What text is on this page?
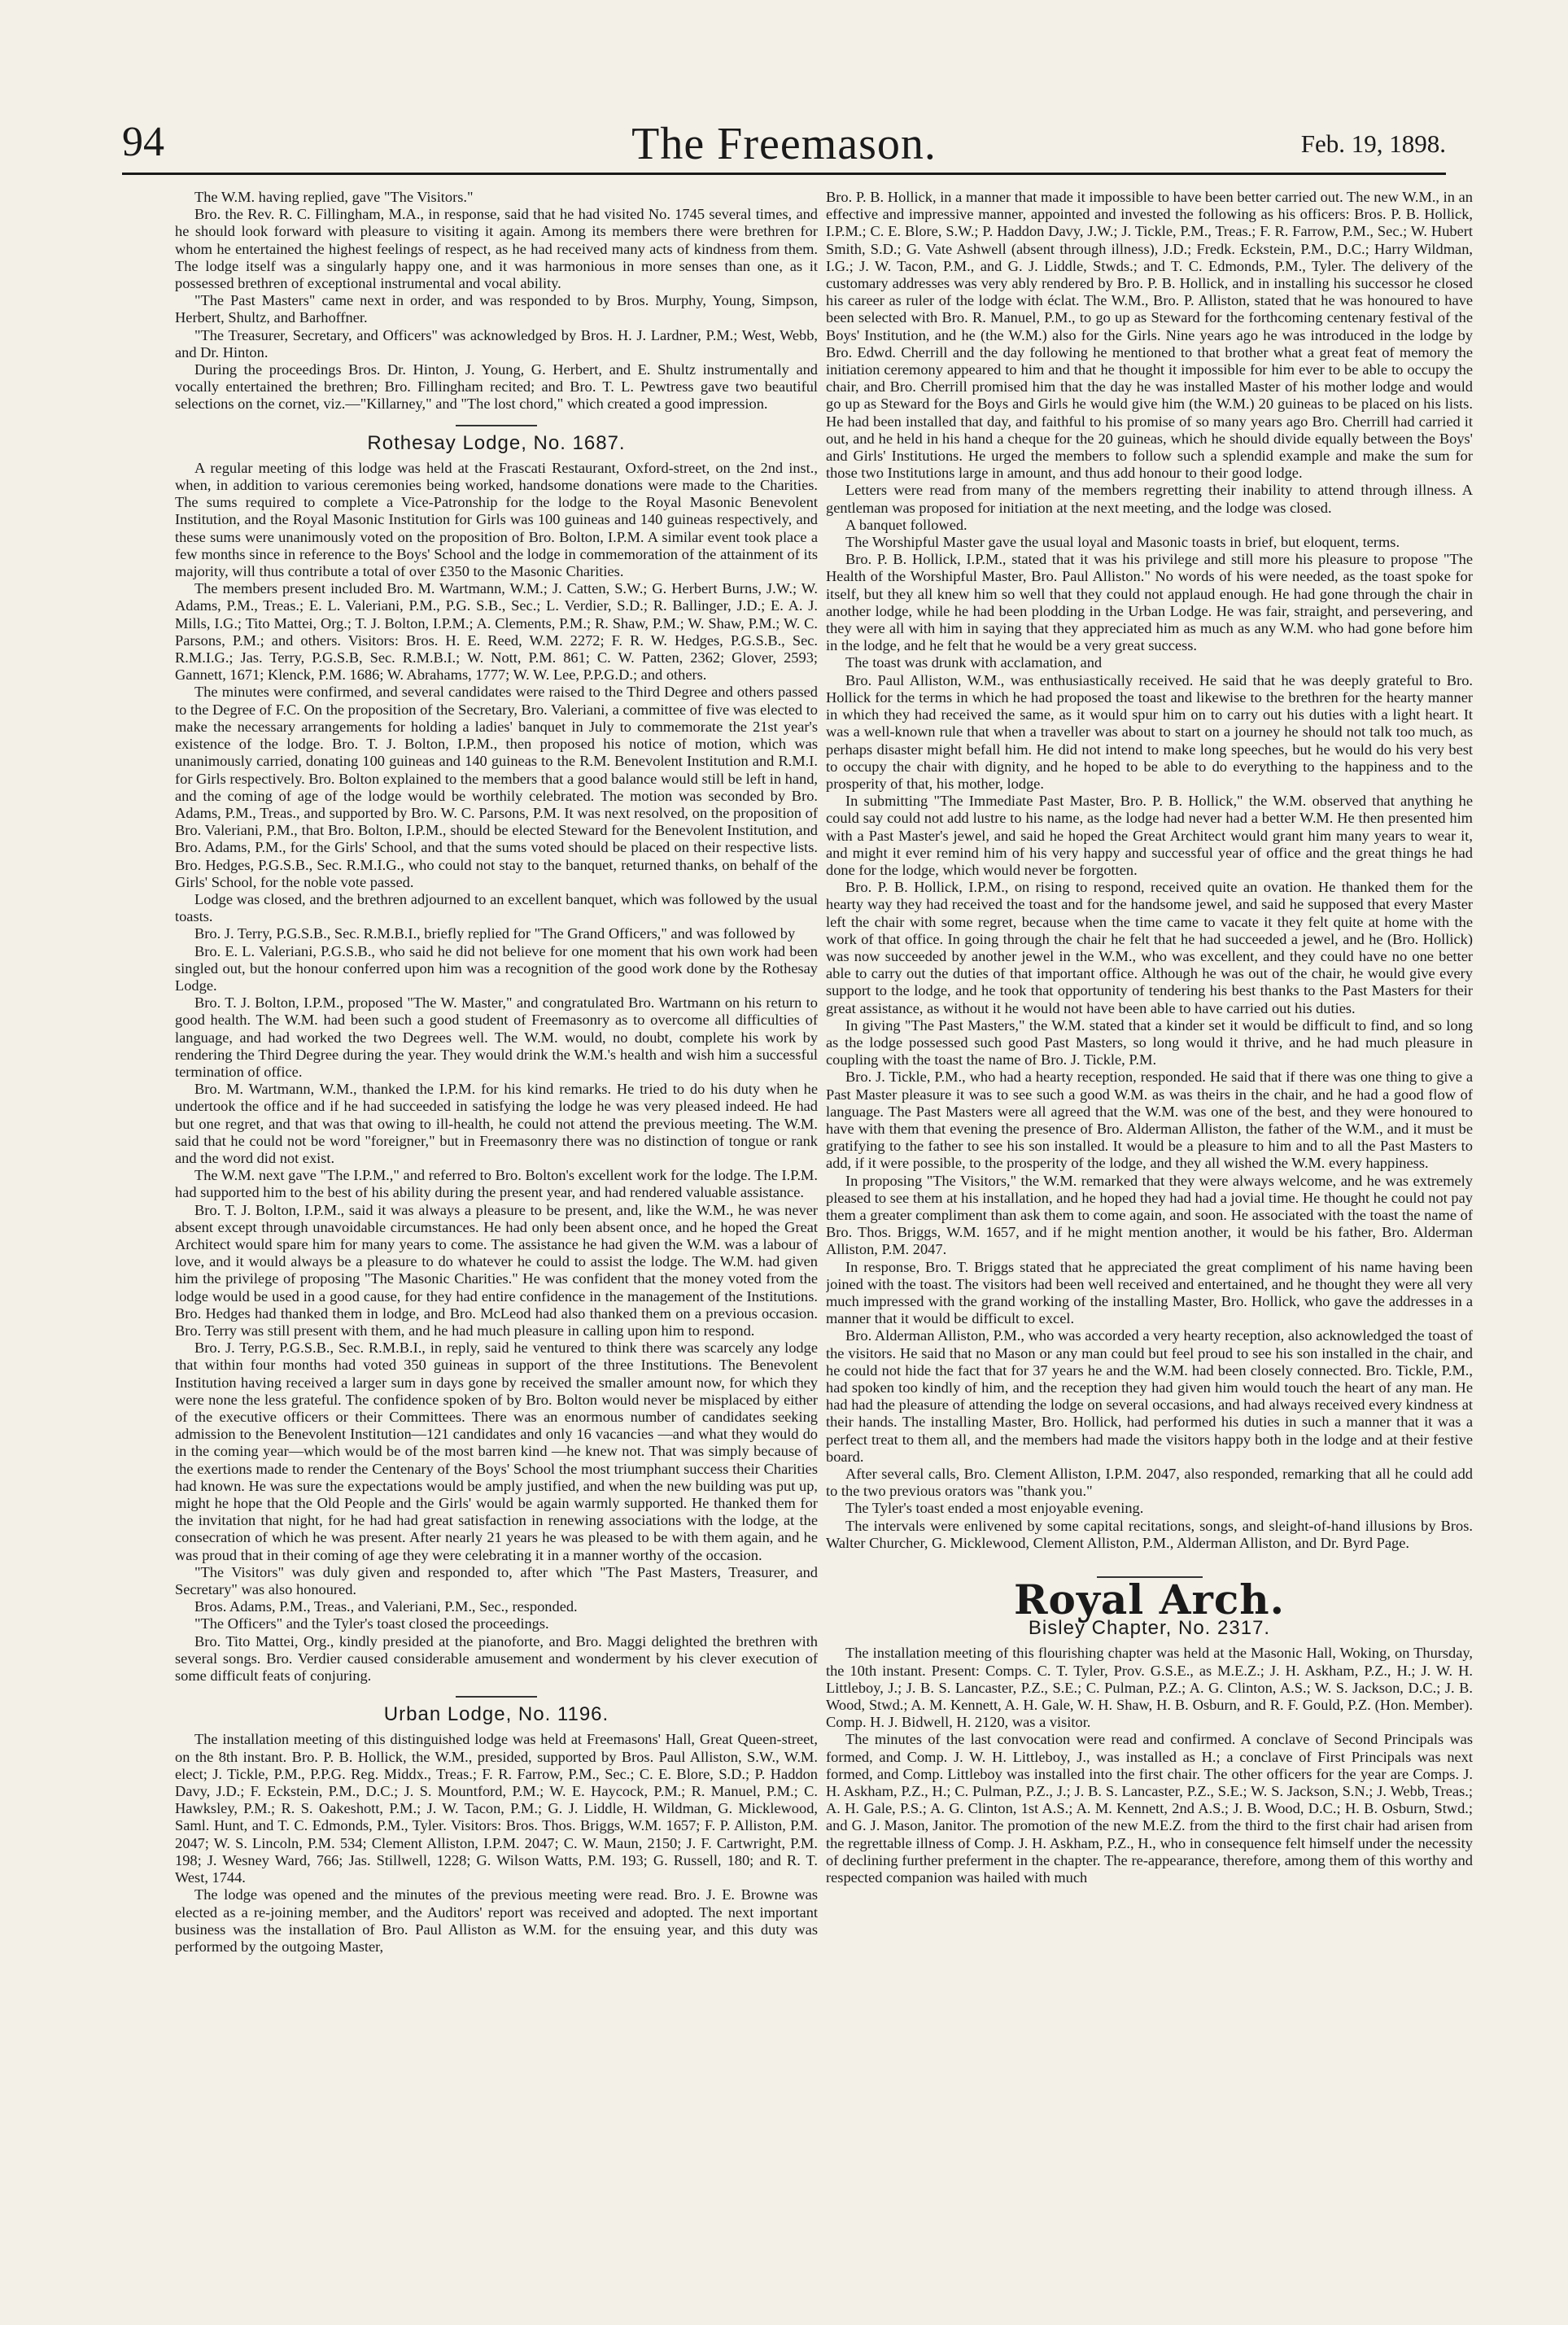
94	The Freemason.	Feb. 19, 1898.

The W.M. having replied, gave "The Visitors."

Bro. the Rev. R. C. Fillingham, M.A., in response, said that he had visited No. 1745 several times, and he should look forward with pleasure to visiting it again. Among its members there were brethren for whom he entertained the highest feelings of respect, as he had received many acts of kindness from them. The lodge itself was a singularly happy one, and it was harmonious in more senses than one, as it possessed brethren of exceptional instrumental and vocal ability.

"The Past Masters" came next in order, and was responded to by Bros. Murphy, Young, Simpson, Herbert, Shultz, and Barhoffner.

"The Treasurer, Secretary, and Officers" was acknowledged by Bros. H. J. Lardner, P.M.; West, Webb, and Dr. Hinton.

During the proceedings Bros. Dr. Hinton, J. Young, G. Herbert, and E. Shultz instrumentally and vocally entertained the brethren; Bro. Fillingham recited; and Bro. T. L. Pewtress gave two beautiful selections on the cornet, viz.—"Killarney," and "The lost chord," which created a good impression.

Rothesay Lodge, No. 1687.

A regular meeting of this lodge was held at the Frascati Restaurant, Oxford-street, on the 2nd inst., when, in addition to various ceremonies being worked, handsome donations were made to the Charities. The sums required to complete a Vice-Patronship for the lodge to the Royal Masonic Benevolent Institution, and the Royal Masonic Institution for Girls was 100 guineas and 140 guineas respectively, and these sums were unanimously voted on the proposition of Bro. Bolton, I.P.M. A similar event took place a few months since in reference to the Boys' School and the lodge in commemoration of the attainment of its majority, will thus contribute a total of over £350 to the Masonic Charities.

The members present included Bro. M. Wartmann, W.M.; J. Catten, S.W.; G. Herbert Burns, J.W.; W. Adams, P.M., Treas.; E. L. Valeriani, P.M., P.G. S.B., Sec.; L. Verdier, S.D.; R. Ballinger, J.D.; E. A. J. Mills, I.G.; Tito Mattei, Org.; T. J. Bolton, I.P.M.; A. Clements, P.M.; R. Shaw, P.M.; W. Shaw, P.M.; W. C. Parsons, P.M.; and others. Visitors: Bros. H. E. Reed, W.M. 2272; F. R. W. Hedges, P.G.S.B., Sec. R.M.I.G.; Jas. Terry, P.G.S.B, Sec. R.M.B.I.; W. Nott, P.M. 861; C. W. Patten, 2362; Glover, 2593; Gannett, 1671; Klenck, P.M. 1686; W. Abrahams, 1777; W. W. Lee, P.P.G.D.; and others.

The minutes were confirmed, and several candidates were raised to the Third Degree and others passed to the Degree of F.C. On the proposition of the Secretary, Bro. Valeriani, a committee of five was elected to make the necessary arrangements for holding a ladies' banquet in July to commemorate the 21st year's existence of the lodge. Bro. T. J. Bolton, I.P.M., then proposed his notice of motion, which was unanimously carried, donating 100 guineas and 140 guineas to the R.M. Benevolent Institution and R.M.I. for Girls respectively. Bro. Bolton explained to the members that a good balance would still be left in hand, and the coming of age of the lodge would be worthily celebrated. The motion was seconded by Bro. Adams, P.M., Treas., and supported by Bro. W. C. Parsons, P.M. It was next resolved, on the proposition of Bro. Valeriani, P.M., that Bro. Bolton, I.P.M., should be elected Steward for the Benevolent Institution, and Bro. Adams, P.M., for the Girls' School, and that the sums voted should be placed on their respective lists. Bro. Hedges, P.G.S.B., Sec. R.M.I.G., who could not stay to the banquet, returned thanks, on behalf of the Girls' School, for the noble vote passed.

Lodge was closed, and the brethren adjourned to an excellent banquet, which was followed by the usual toasts.

Bro. J. Terry, P.G.S.B., Sec. R.M.B.I., briefly replied for "The Grand Officers," and was followed by

Bro. E. L. Valeriani, P.G.S.B., who said he did not believe for one moment that his own work had been singled out, but the honour conferred upon him was a recognition of the good work done by the Rothesay Lodge.

Bro. T. J. Bolton, I.P.M., proposed "The W. Master," and congratulated Bro. Wartmann on his return to good health. The W.M. had been such a good student of Freemasonry as to overcome all difficulties of language, and had worked the two Degrees well. The W.M. would, no doubt, complete his work by rendering the Third Degree during the year. They would drink the W.M.'s health and wish him a successful termination of office.

Bro. M. Wartmann, W.M., thanked the I.P.M. for his kind remarks. He tried to do his duty when he undertook the office and if he had succeeded in satisfying the lodge he was very pleased indeed. He had but one regret, and that was that owing to ill-health, he could not attend the previous meeting. The W.M. said that he could not be word "foreigner," but in Freemasonry there was no distinction of tongue or rank and the word did not exist.

The W.M. next gave "The I.P.M.," and referred to Bro. Bolton's excellent work for the lodge. The I.P.M. had supported him to the best of his ability during the present year, and had rendered valuable assistance.

Bro. T. J. Bolton, I.P.M., said it was always a pleasure to be present, and, like the W.M., he was never absent except through unavoidable circumstances. He had only been absent once, and he hoped the Great Architect would spare him for many years to come. The assistance he had given the W.M. was a labour of love, and it would always be a pleasure to do whatever he could to assist the lodge. The W.M. had given him the privilege of proposing "The Masonic Charities." He was confident that the money voted from the lodge would be used in a good cause, for they had entire confidence in the management of the Institutions. Bro. Hedges had thanked them in lodge, and Bro. McLeod had also thanked them on a previous occasion. Bro. Terry was still present with them, and he had much pleasure in calling upon him to respond.

Bro. J. Terry, P.G.S.B., Sec. R.M.B.I., in reply, said he ventured to think there was scarcely any lodge that within four months had voted 350 guineas in support of the three Institutions. The Benevolent Institution having received a larger sum in days gone by received the smaller amount now, for which they were none the less grateful. The confidence spoken of by Bro. Bolton would never be misplaced by either of the executive officers or their Committees. There was an enormous number of candidates seeking admission to the Benevolent Institution—121 candidates and only 16 vacancies —and what they would do in the coming year—which would be of the most barren kind —he knew not. That was simply because of the exertions made to render the Centenary of the Boys' School the most triumphant success their Charities had known. He was sure the expectations would be amply justified, and when the new building was put up, might he hope that the Old People and the Girls' would be again warmly supported. He thanked them for the invitation that night, for he had had great satisfaction in renewing associations with the lodge, at the consecration of which he was present. After nearly 21 years he was pleased to be with them again, and he was proud that in their coming of age they were celebrating it in a manner worthy of the occasion.

"The Visitors" was duly given and responded to, after which "The Past Masters, Treasurer, and Secretary" was also honoured.

Bros. Adams, P.M., Treas., and Valeriani, P.M., Sec., responded.

"The Officers" and the Tyler's toast closed the proceedings.

Bro. Tito Mattei, Org., kindly presided at the pianoforte, and Bro. Maggi delighted the brethren with several songs. Bro. Verdier caused considerable amusement and wonderment by his clever execution of some difficult feats of conjuring.

Urban Lodge, No. 1196.

The installation meeting of this distinguished lodge was held at Freemasons' Hall, Great Queen-street, on the 8th instant. Bro. P. B. Hollick, the W.M., presided, supported by Bros. Paul Alliston, S.W., W.M. elect; J. Tickle, P.M., P.P.G. Reg. Middx., Treas.; F. R. Farrow, P.M., Sec.; C. E. Blore, S.D.; P. Haddon Davy, J.D.; F. Eckstein, P.M., D.C.; J. S. Mountford, P.M.; W. E. Haycock, P.M.; R. Manuel, P.M.; C. Hawksley, P.M.; R. S. Oakeshott, P.M.; J. W. Tacon, P.M.; G. J. Liddle, H. Wildman, G. Micklewood, Saml. Hunt, and T. C. Edmonds, P.M., Tyler. Visitors: Bros. Thos. Briggs, W.M. 1657; F. P. Alliston, P.M. 2047; W. S. Lincoln, P.M. 534; Clement Alliston, I.P.M. 2047; C. W. Maun, 2150; J. F. Cartwright, P.M. 198; J. Wesney Ward, 766; Jas. Stillwell, 1228; G. Wilson Watts, P.M. 193; G. Russell, 180; and R. T. West, 1744.

The lodge was opened and the minutes of the previous meeting were read. Bro. J. E. Browne was elected as a re-joining member, and the Auditors' report was received and adopted. The next important business was the installation of Bro. Paul Alliston as W.M. for the ensuing year, and this duty was performed by the outgoing Master,

Bro. P. B. Hollick, in a manner that made it impossible to have been better carried out. The new W.M., in an effective and impressive manner, appointed and invested the following as his officers: Bros. P. B. Hollick, I.P.M.; C. E. Blore, S.W.; P. Haddon Davy, J.W.; J. Tickle, P.M., Treas.; F. R. Farrow, P.M., Sec.; W. Hubert Smith, S.D.; G. Vate Ashwell (absent through illness), J.D.; Fredk. Eckstein, P.M., D.C.; Harry Wildman, I.G.; J. W. Tacon, P.M., and G. J. Liddle, Stwds.; and T. C. Edmonds, P.M., Tyler. The delivery of the customary addresses was very ably rendered by Bro. P. B. Hollick, and in installing his successor he closed his career as ruler of the lodge with éclat. The W.M., Bro. P. Alliston, stated that he was honoured to have been selected with Bro. R. Manuel, P.M., to go up as Steward for the forthcoming centenary festival of the Boys' Institution, and he (the W.M.) also for the Girls. Nine years ago he was introduced in the lodge by Bro. Edwd. Cherrill and the day following he mentioned to that brother what a great feat of memory the initiation ceremony appeared to him and that he thought it impossible for him ever to be able to occupy the chair, and Bro. Cherrill promised him that the day he was installed Master of his mother lodge and would go up as Steward for the Boys and Girls he would give him (the W.M.) 20 guineas to be placed on his lists. He had been installed that day, and faithful to his promise of so many years ago Bro. Cherrill had carried it out, and he held in his hand a cheque for the 20 guineas, which he should divide equally between the Boys' and Girls' Institutions. He urged the members to follow such a splendid example and make the sum for those two Institutions large in amount, and thus add honour to their good lodge.

Letters were read from many of the members regretting their inability to attend through illness. A gentleman was proposed for initiation at the next meeting, and the lodge was closed.

A banquet followed.

The Worshipful Master gave the usual loyal and Masonic toasts in brief, but eloquent, terms.

Bro. P. B. Hollick, I.P.M., stated that it was his privilege and still more his pleasure to propose "The Health of the Worshipful Master, Bro. Paul Alliston." No words of his were needed, as the toast spoke for itself, but they all knew him so well that they could not applaud enough. He had gone through the chair in another lodge, while he had been plodding in the Urban Lodge. He was fair, straight, and persevering, and they were all with him in saying that they appreciated him as much as any W.M. who had gone before him in the lodge, and he felt that he would be a very great success.

The toast was drunk with acclamation, and

Bro. Paul Alliston, W.M., was enthusiastically received. He said that he was deeply grateful to Bro. Hollick for the terms in which he had proposed the toast and likewise to the brethren for the hearty manner in which they had received the same, as it would spur him on to carry out his duties with a light heart. It was a well-known rule that when a traveller was about to start on a journey he should not talk too much, as perhaps disaster might befall him. He did not intend to make long speeches, but he would do his very best to occupy the chair with dignity, and he hoped to be able to do everything to the happiness and to the prosperity of that, his mother, lodge.

In submitting "The Immediate Past Master, Bro. P. B. Hollick," the W.M. observed that anything he could say could not add lustre to his name, as the lodge had never had a better W.M. He then presented him with a Past Master's jewel, and said he hoped the Great Architect would grant him many years to wear it, and might it ever remind him of his very happy and successful year of office and the great things he had done for the lodge, which would never be forgotten.

Bro. P. B. Hollick, I.P.M., on rising to respond, received quite an ovation. He thanked them for the hearty way they had received the toast and for the handsome jewel, and said he supposed that every Master left the chair with some regret, because when the time came to vacate it they felt quite at home with the work of that office. In going through the chair he felt that he had succeeded a jewel, and he (Bro. Hollick) was now succeeded by another jewel in the W.M., who was excellent, and they could have no one better able to carry out the duties of that important office. Although he was out of the chair, he would give every support to the lodge, and he took that opportunity of tendering his best thanks to the Past Masters for their great assistance, as without it he would not have been able to have carried out his duties.

In giving "The Past Masters," the W.M. stated that a kinder set it would be difficult to find, and so long as the lodge possessed such good Past Masters, so long would it thrive, and he had much pleasure in coupling with the toast the name of Bro. J. Tickle, P.M.

Bro. J. Tickle, P.M., who had a hearty reception, responded. He said that if there was one thing to give a Past Master pleasure it was to see such a good W.M. as was theirs in the chair, and he had a good flow of language. The Past Masters were all agreed that the W.M. was one of the best, and they were honoured to have with them that evening the presence of Bro. Alderman Alliston, the father of the W.M., and it must be gratifying to the father to see his son installed. It would be a pleasure to him and to all the Past Masters to add, if it were possible, to the prosperity of the lodge, and they all wished the W.M. every happiness.

In proposing "The Visitors," the W.M. remarked that they were always welcome, and he was extremely pleased to see them at his installation, and he hoped they had had a jovial time. He thought he could not pay them a greater compliment than ask them to come again, and soon. He associated with the toast the name of Bro. Thos. Briggs, W.M. 1657, and if he might mention another, it would be his father, Bro. Alderman Alliston, P.M. 2047.

In response, Bro. T. Briggs stated that he appreciated the great compliment of his name having been joined with the toast. The visitors had been well received and entertained, and he thought they were all very much impressed with the grand working of the installing Master, Bro. Hollick, who gave the addresses in a manner that it would be difficult to excel.

Bro. Alderman Alliston, P.M., who was accorded a very hearty reception, also acknowledged the toast of the visitors. He said that no Mason or any man could but feel proud to see his son installed in the chair, and he could not hide the fact that for 37 years he and the W.M. had been closely connected. Bro. Tickle, P.M., had spoken too kindly of him, and the reception they had given him would touch the heart of any man. He had had the pleasure of attending the lodge on several occasions, and had always received every kindness at their hands. The installing Master, Bro. Hollick, had performed his duties in such a manner that it was a perfect treat to them all, and the members had made the visitors happy both in the lodge and at their festive board.

After several calls, Bro. Clement Alliston, I.P.M. 2047, also responded, remarking that all he could add to the two previous orators was "thank you."

The Tyler's toast ended a most enjoyable evening.

The intervals were enlivened by some capital recitations, songs, and sleight-of-hand illusions by Bros. Walter Churcher, G. Micklewood, Clement Alliston, P.M., Alderman Alliston, and Dr. Byrd Page.

Royal Arch.
Bisley Chapter, No. 2317.

The installation meeting of this flourishing chapter was held at the Masonic Hall, Woking, on Thursday, the 10th instant. Present: Comps. C. T. Tyler, Prov. G.S.E., as M.E.Z.; J. H. Askham, P.Z., H.; J. W. H. Littleboy, J.; J. B. S. Lancaster, P.Z., S.E.; C. Pulman, P.Z.; A. G. Clinton, A.S.; W. S. Jackson, D.C.; J. B. Wood, Stwd.; A. M. Kennett, A. H. Gale, W. H. Shaw, H. B. Osburn, and R. F. Gould, P.Z. (Hon. Member). Comp. H. J. Bidwell, H. 2120, was a visitor.

The minutes of the last convocation were read and confirmed. A conclave of Second Principals was formed, and Comp. J. W. H. Littleboy, J., was installed as H.; a conclave of First Principals was next formed, and Comp. Littleboy was installed into the first chair. The other officers for the year are Comps. J. H. Askham, P.Z., H.; C. Pulman, P.Z., J.; J. B. S. Lancaster, P.Z., S.E.; W. S. Jackson, S.N.; J. Webb, Treas.; A. H. Gale, P.S.; A. G. Clinton, 1st A.S.; A. M. Kennett, 2nd A.S.; J. B. Wood, D.C.; H. B. Osburn, Stwd.; and G. J. Mason, Janitor. The promotion of the new M.E.Z. from the third to the first chair had arisen from the regrettable illness of Comp. J. H. Askham, P.Z., H., who in consequence felt himself under the necessity of declining further preferment in the chapter. The re-appearance, therefore, among them of this worthy and respected companion was hailed with much
